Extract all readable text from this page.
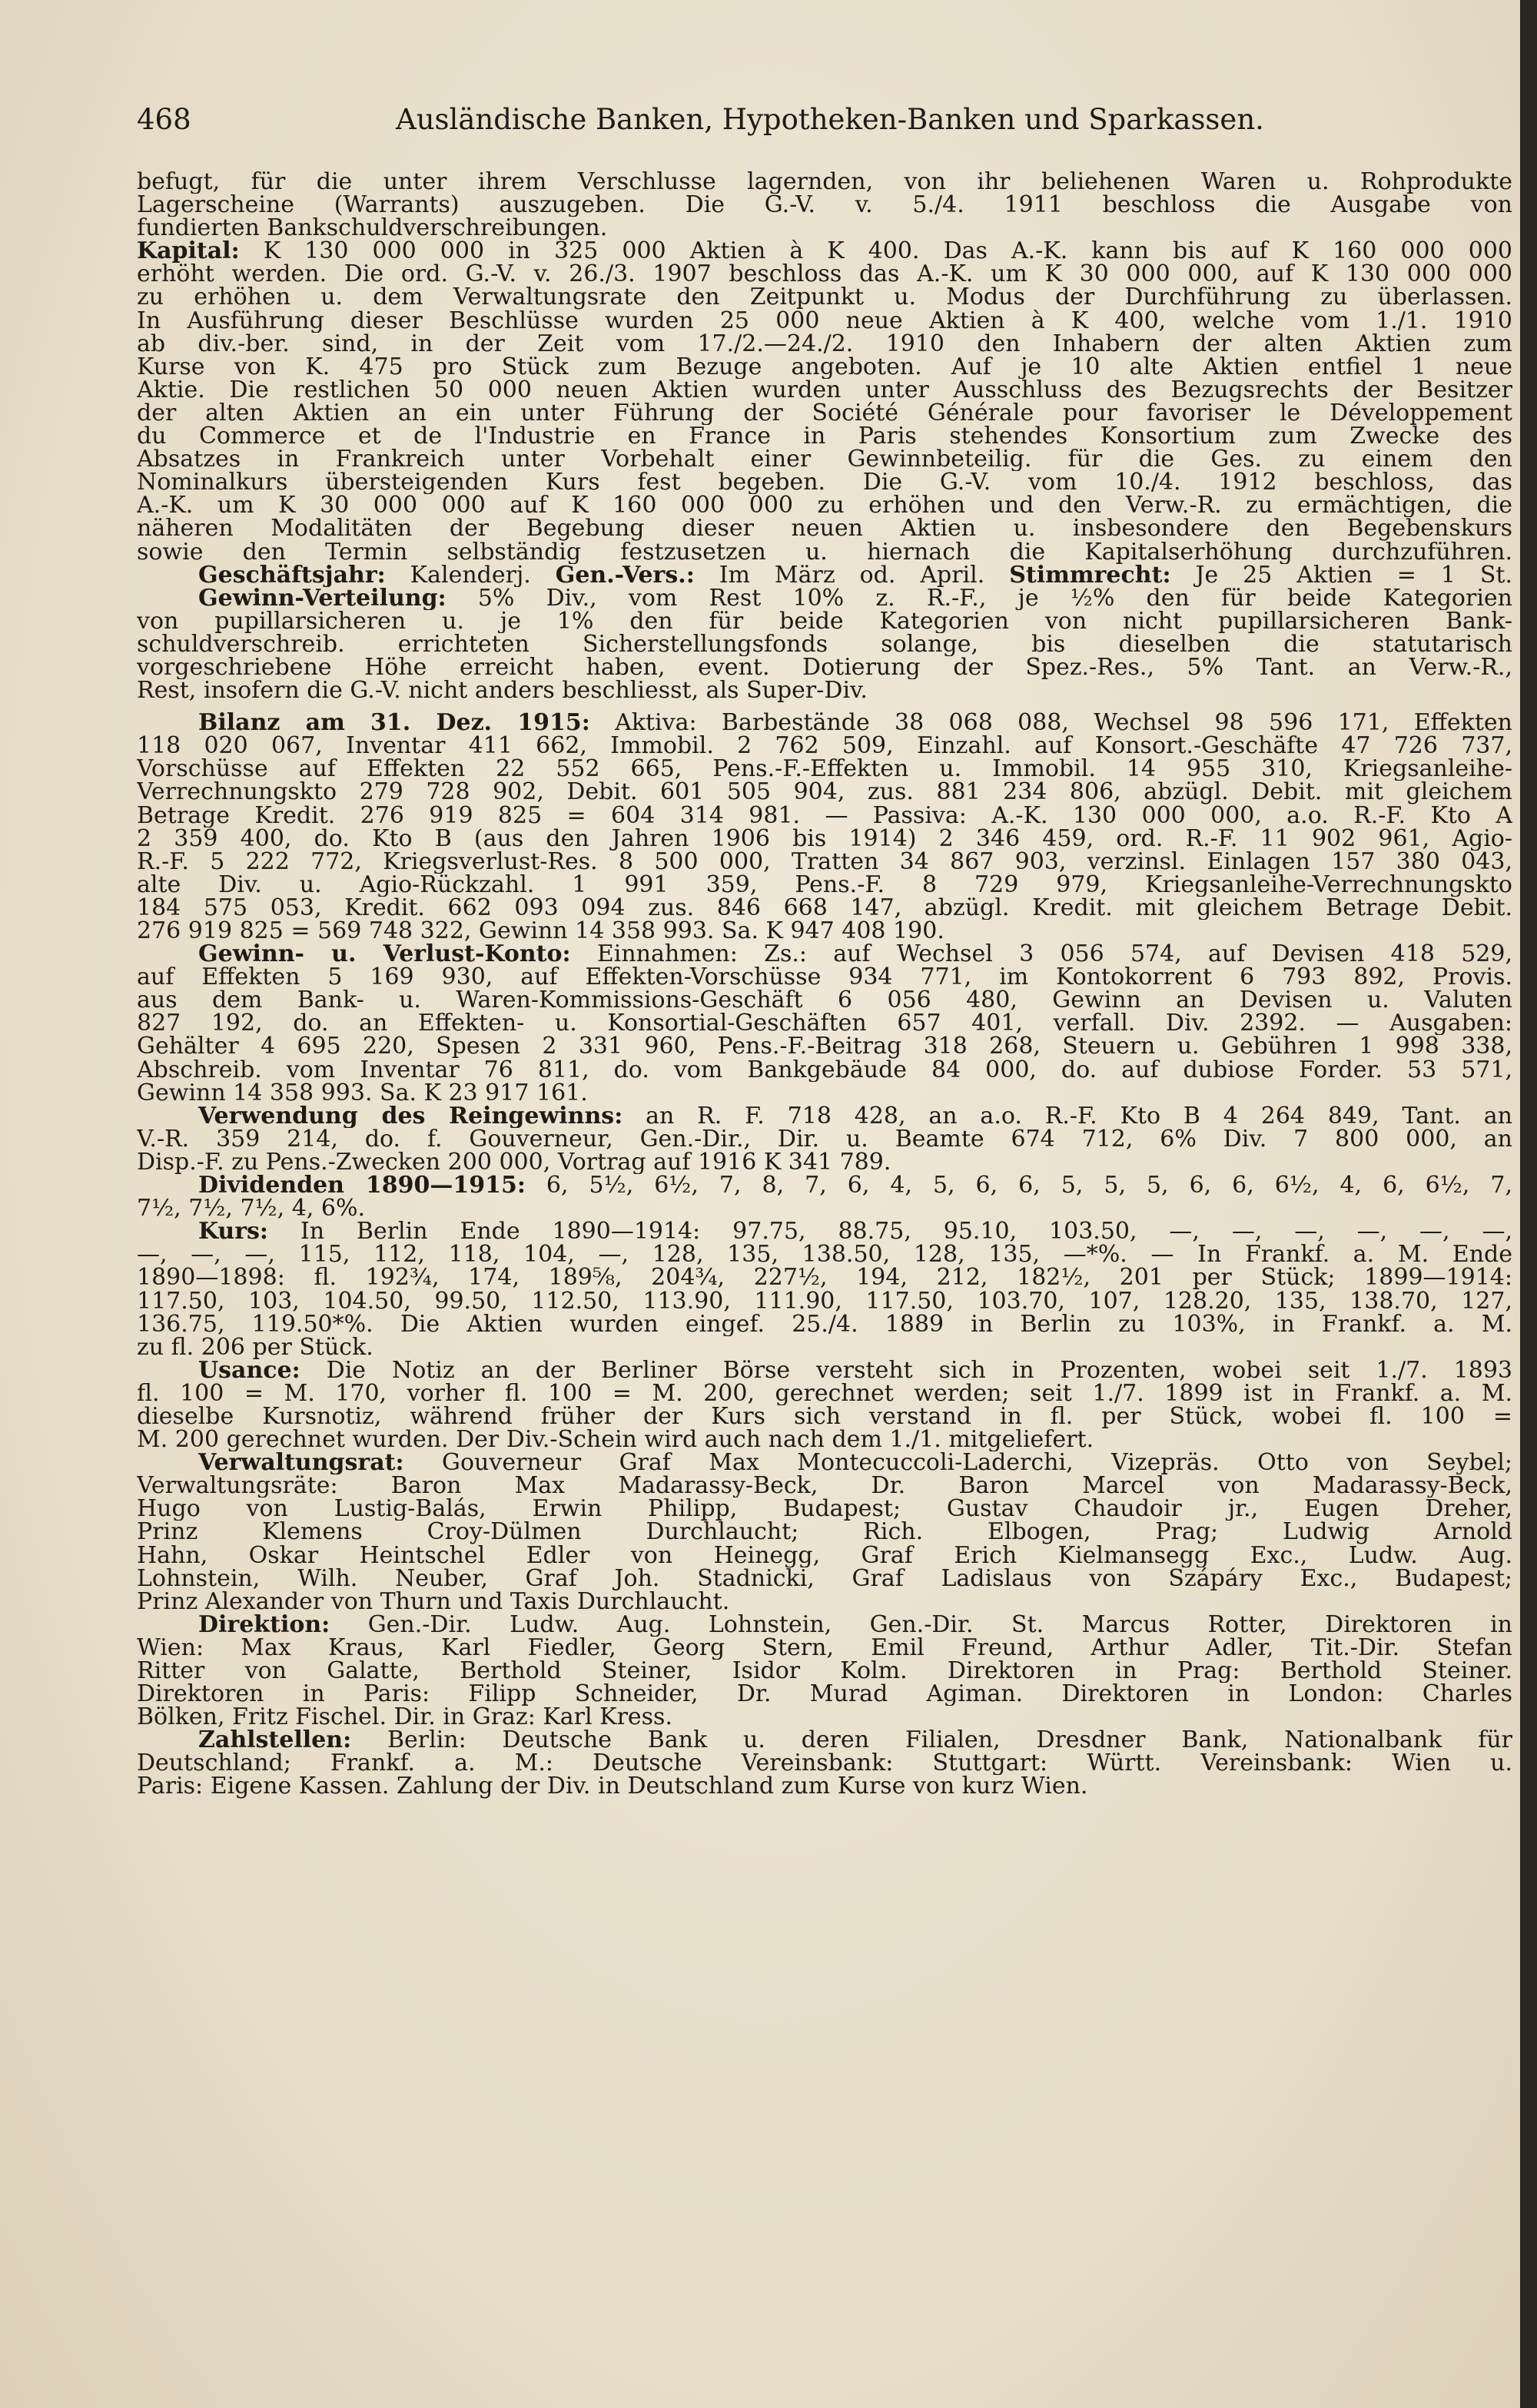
468	Ausländische Banken, Hypotheken-Banken und Sparkassen.
befugt, für die unter ihrem Verschlusse lagernden, von ihr beliehenen Waren u. Rohprodukte
Lagerscheine (Warrants) auszugeben. Die G.-V. v. 5./4. 1911 beschloss die Ausgabe von
fundierten Bankschuldverschreibungen.
Kapital: K 130 000 000 in 325 000 Aktien à K 400. Das A.-K. kann bis auf K 160 000 000
erhöht werden. Die ord. G.-V. v. 26./3. 1907 beschloss das A.-K. um K 30 000 000, auf K 130 000 000
zu erhöhen u. dem Verwaltungsrate den Zeitpunkt u. Modus der Durchführung zu überlassen.
In Ausführung dieser Beschlüsse wurden 25 000 neue Aktien à K 400, welche vom 1./1. 1910
ab div.-ber. sind, in der Zeit vom 17./2.—24./2. 1910 den Inhabern der alten Aktien zum
Kurse von K. 475 pro Stück zum Bezuge angeboten. Auf je 10 alte Aktien entfiel 1 neue
Aktie. Die restlichen 50 000 neuen Aktien wurden unter Ausschluss des Bezugsrechts der Besitzer
der alten Aktien an ein unter Führung der Société Générale pour favoriser le Développement
du Commerce et de l'Industrie en France in Paris stehendes Konsortium zum Zwecke des
Absatzes in Frankreich unter Vorbehalt einer Gewinnbeteilig. für die Ges. zu einem den
Nominalkurs übersteigenden Kurs fest begeben. Die G.-V. vom 10./4. 1912 beschloss, das
A.-K. um K 30 000 000 auf K 160 000 000 zu erhöhen und den Verw.-R. zu ermächtigen, die
näheren Modalitäten der Begebung dieser neuen Aktien u. insbesondere den Begebenskurs
sowie den Termin selbständig festzusetzen u. hiernach die Kapitalserhöhung durchzuführen.
Geschäftsjahr: Kalenderj. Gen.-Vers.: Im März od. April. Stimmrecht: Je 25 Aktien = 1 St.
Gewinn-Verteilung: 5% Div., vom Rest 10% z. R.-F., je ½% den für beide Kategorien
von pupillarsicheren u. je 1% den für beide Kategorien von nicht pupillarsicheren Bank-
schuldverschreib. errichteten Sicherstellungsfonds solange, bis dieselben die statutarisch
vorgeschriebene Höhe erreicht haben, event. Dotierung der Spez.-Res., 5% Tant. an Verw.-R.,
Rest, insofern die G.-V. nicht anders beschliesst, als Super-Div.
Bilanz am 31. Dez. 1915: Aktiva: Barbestände 38 068 088, Wechsel 98 596 171, Effekten
118 020 067, Inventar 411 662, Immobil. 2 762 509, Einzahl. auf Konsort.-Geschäfte 47 726 737,
Vorschüsse auf Effekten 22 552 665, Pens.-F.-Effekten u. Immobil. 14 955 310, Kriegsanleihe-
Verrechnungskto 279 728 902, Debit. 601 505 904, zus. 881 234 806, abzügl. Debit. mit gleichem
Betrage Kredit. 276 919 825 = 604 314 981. — Passiva: A.-K. 130 000 000, a.o. R.-F. Kto A
2 359 400, do. Kto B (aus den Jahren 1906 bis 1914) 2 346 459, ord. R.-F. 11 902 961, Agio-
R.-F. 5 222 772, Kriegsverlust-Res. 8 500 000, Tratten 34 867 903, verzinsl. Einlagen 157 380 043,
alte Div. u. Agio-Rückzahl. 1 991 359, Pens.-F. 8 729 979, Kriegsanleihe-Verrechnungskto
184 575 053, Kredit. 662 093 094 zus. 846 668 147, abzügl. Kredit. mit gleichem Betrage Debit.
276 919 825 = 569 748 322, Gewinn 14 358 993. Sa. K 947 408 190.
Gewinn- u. Verlust-Konto: Einnahmen: Zs.: auf Wechsel 3 056 574, auf Devisen 418 529,
auf Effekten 5 169 930, auf Effekten-Vorschüsse 934 771, im Kontokorrent 6 793 892, Provis.
aus dem Bank- u. Waren-Kommissions-Geschäft 6 056 480, Gewinn an Devisen u. Valuten
827 192, do. an Effekten- u. Konsortial-Geschäften 657 401, verfall. Div. 2392. — Ausgaben:
Gehälter 4 695 220, Spesen 2 331 960, Pens.-F.-Beitrag 318 268, Steuern u. Gebühren 1 998 338,
Abschreib. vom Inventar 76 811, do. vom Bankgebäude 84 000, do. auf dubiose Forder. 53 571,
Gewinn 14 358 993. Sa. K 23 917 161.
Verwendung des Reingewinns: an R. F. 718 428, an a.o. R.-F. Kto B 4 264 849, Tant. an
V.-R. 359 214, do. f. Gouverneur, Gen.-Dir., Dir. u. Beamte 674 712, 6% Div. 7 800 000, an
Disp.-F. zu Pens.-Zwecken 200 000, Vortrag auf 1916 K 341 789.
Dividenden 1890—1915: 6, 5½, 6½, 7, 8, 7, 6, 4, 5, 6, 6, 5, 5, 5, 6, 6, 6½, 4, 6, 6½, 7,
7½, 7½, 7½, 4, 6%.
Kurs: In Berlin Ende 1890—1914: 97.75, 88.75, 95.10, 103.50, —, —, —, —, —, —,
—, —, —, 115, 112, 118, 104, —, 128, 135, 138.50, 128, 135, —*%. — In Frankf. a. M. Ende
1890—1898: fl. 192¾, 174, 189⅝, 204¾, 227½, 194, 212, 182½, 201 per Stück; 1899—1914:
117.50, 103, 104.50, 99.50, 112.50, 113.90, 111.90, 117.50, 103.70, 107, 128.20, 135, 138.70, 127,
136.75, 119.50*%. Die Aktien wurden eingef. 25./4. 1889 in Berlin zu 103%, in Frankf. a. M.
zu fl. 206 per Stück.
Usance: Die Notiz an der Berliner Börse versteht sich in Prozenten, wobei seit 1./7. 1893
fl. 100 = M. 170, vorher fl. 100 = M. 200, gerechnet werden; seit 1./7. 1899 ist in Frankf. a. M.
dieselbe Kursnotiz, während früher der Kurs sich verstand in fl. per Stück, wobei fl. 100 =
M. 200 gerechnet wurden. Der Div.-Schein wird auch nach dem 1./1. mitgeliefert.
Verwaltungsrat: Gouverneur Graf Max Montecuccoli-Laderchi, Vizepräs. Otto von Seybel;
Verwaltungsräte: Baron Max Madarassy-Beck, Dr. Baron Marcel von Madarassy-Beck,
Hugo von Lustig-Balás, Erwin Philipp, Budapest; Gustav Chaudoir jr., Eugen Dreher,
Prinz Klemens Croy-Dülmen Durchlaucht; Rich. Elbogen, Prag; Ludwig Arnold
Hahn, Oskar Heintschel Edler von Heinegg, Graf Erich Kielmansegg Exc., Ludw. Aug.
Lohnstein, Wilh. Neuber, Graf Joh. Stadnicki, Graf Ladislaus von Szápáry Exc., Budapest;
Prinz Alexander von Thurn und Taxis Durchlaucht.
Direktion: Gen.-Dir. Ludw. Aug. Lohnstein, Gen.-Dir. St. Marcus Rotter, Direktoren in
Wien: Max Kraus, Karl Fiedler, Georg Stern, Emil Freund, Arthur Adler, Tit.-Dir. Stefan
Ritter von Galatte, Berthold Steiner, Isidor Kolm. Direktoren in Prag: Berthold Steiner.
Direktoren in Paris: Filipp Schneider, Dr. Murad Agiman. Direktoren in London: Charles
Bölken, Fritz Fischel. Dir. in Graz: Karl Kress.
Zahlstellen: Berlin: Deutsche Bank u. deren Filialen, Dresdner Bank, Nationalbank für
Deutschland; Frankf. a. M.: Deutsche Vereinsbank: Stuttgart: Württ. Vereinsbank: Wien u.
Paris: Eigene Kassen. Zahlung der Div. in Deutschland zum Kurse von kurz Wien.
